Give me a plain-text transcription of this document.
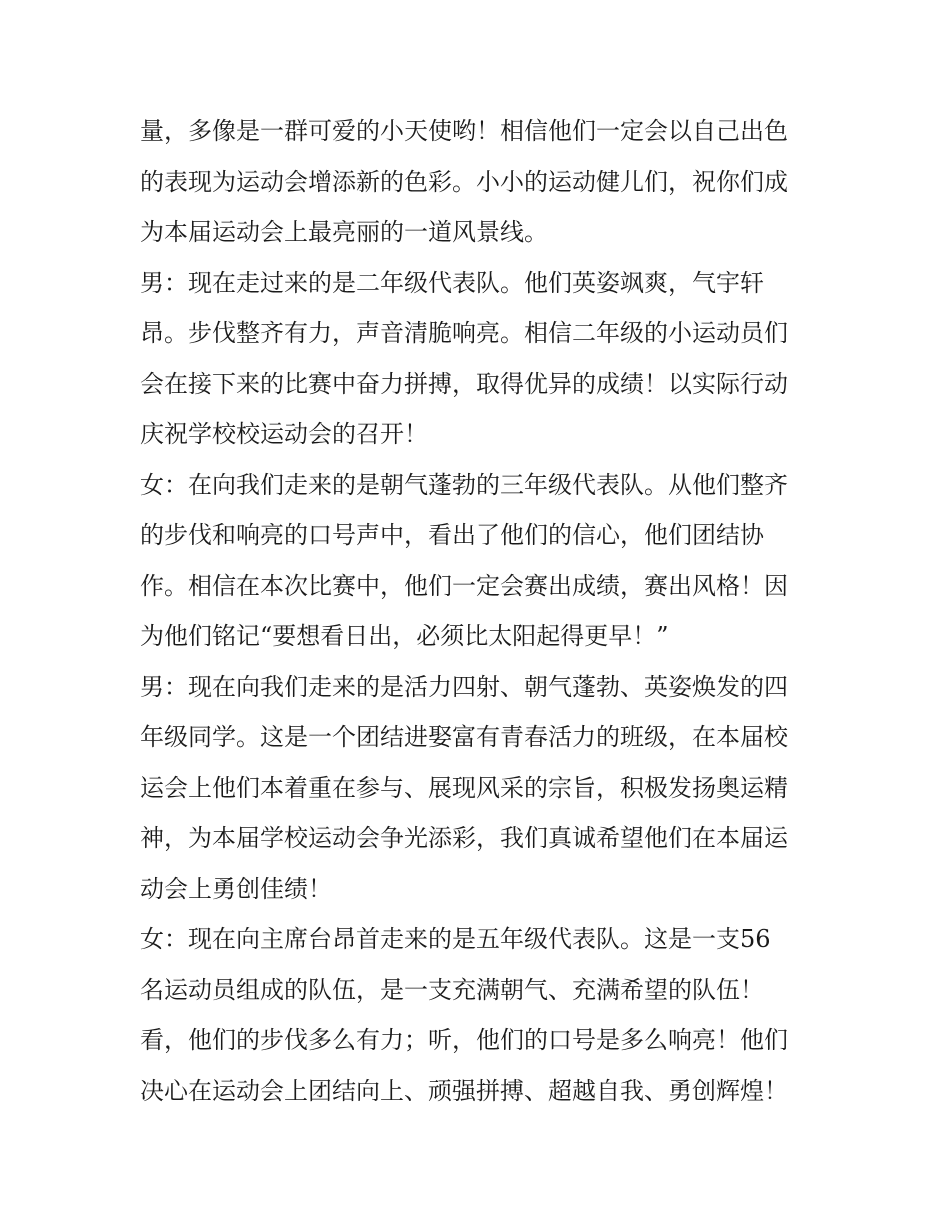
量，多像是一群可爱的小天使哟！相信他们一定会以自己出色
的表现为运动会增添新的色彩。小小的运动健儿们，祝你们成
为本届运动会上最亮丽的一道风景线。
男：现在走过来的是二年级代表队。他们英姿飒爽，气宇轩
昂。步伐整齐有力，声音清脆响亮。相信二年级的小运动员们
会在接下来的比赛中奋力拼搏，取得优异的成绩！以实际行动
庆祝学校校运动会的召开！
女：在向我们走来的是朝气蓬勃的三年级代表队。从他们整齐
的步伐和响亮的口号声中，看出了他们的信心，他们团结协
作。相信在本次比赛中，他们一定会赛出成绩，赛出风格！因
为他们铭记“要想看日出，必须比太阳起得更早！”
男：现在向我们走来的是活力四射、朝气蓬勃、英姿焕发的四
年级同学。这是一个团结进娶富有青春活力的班级，在本届校
运会上他们本着重在参与、展现风采的宗旨，积极发扬奥运精
神，为本届学校运动会争光添彩，我们真诚希望他们在本届运
动会上勇创佳绩！
女：现在向主席台昂首走来的是五年级代表队。这是一支56
名运动员组成的队伍，是一支充满朝气、充满希望的队伍！
看，他们的步伐多么有力；听，他们的口号是多么响亮！他们
决心在运动会上团结向上、顽强拼搏、超越自我、勇创辉煌！
